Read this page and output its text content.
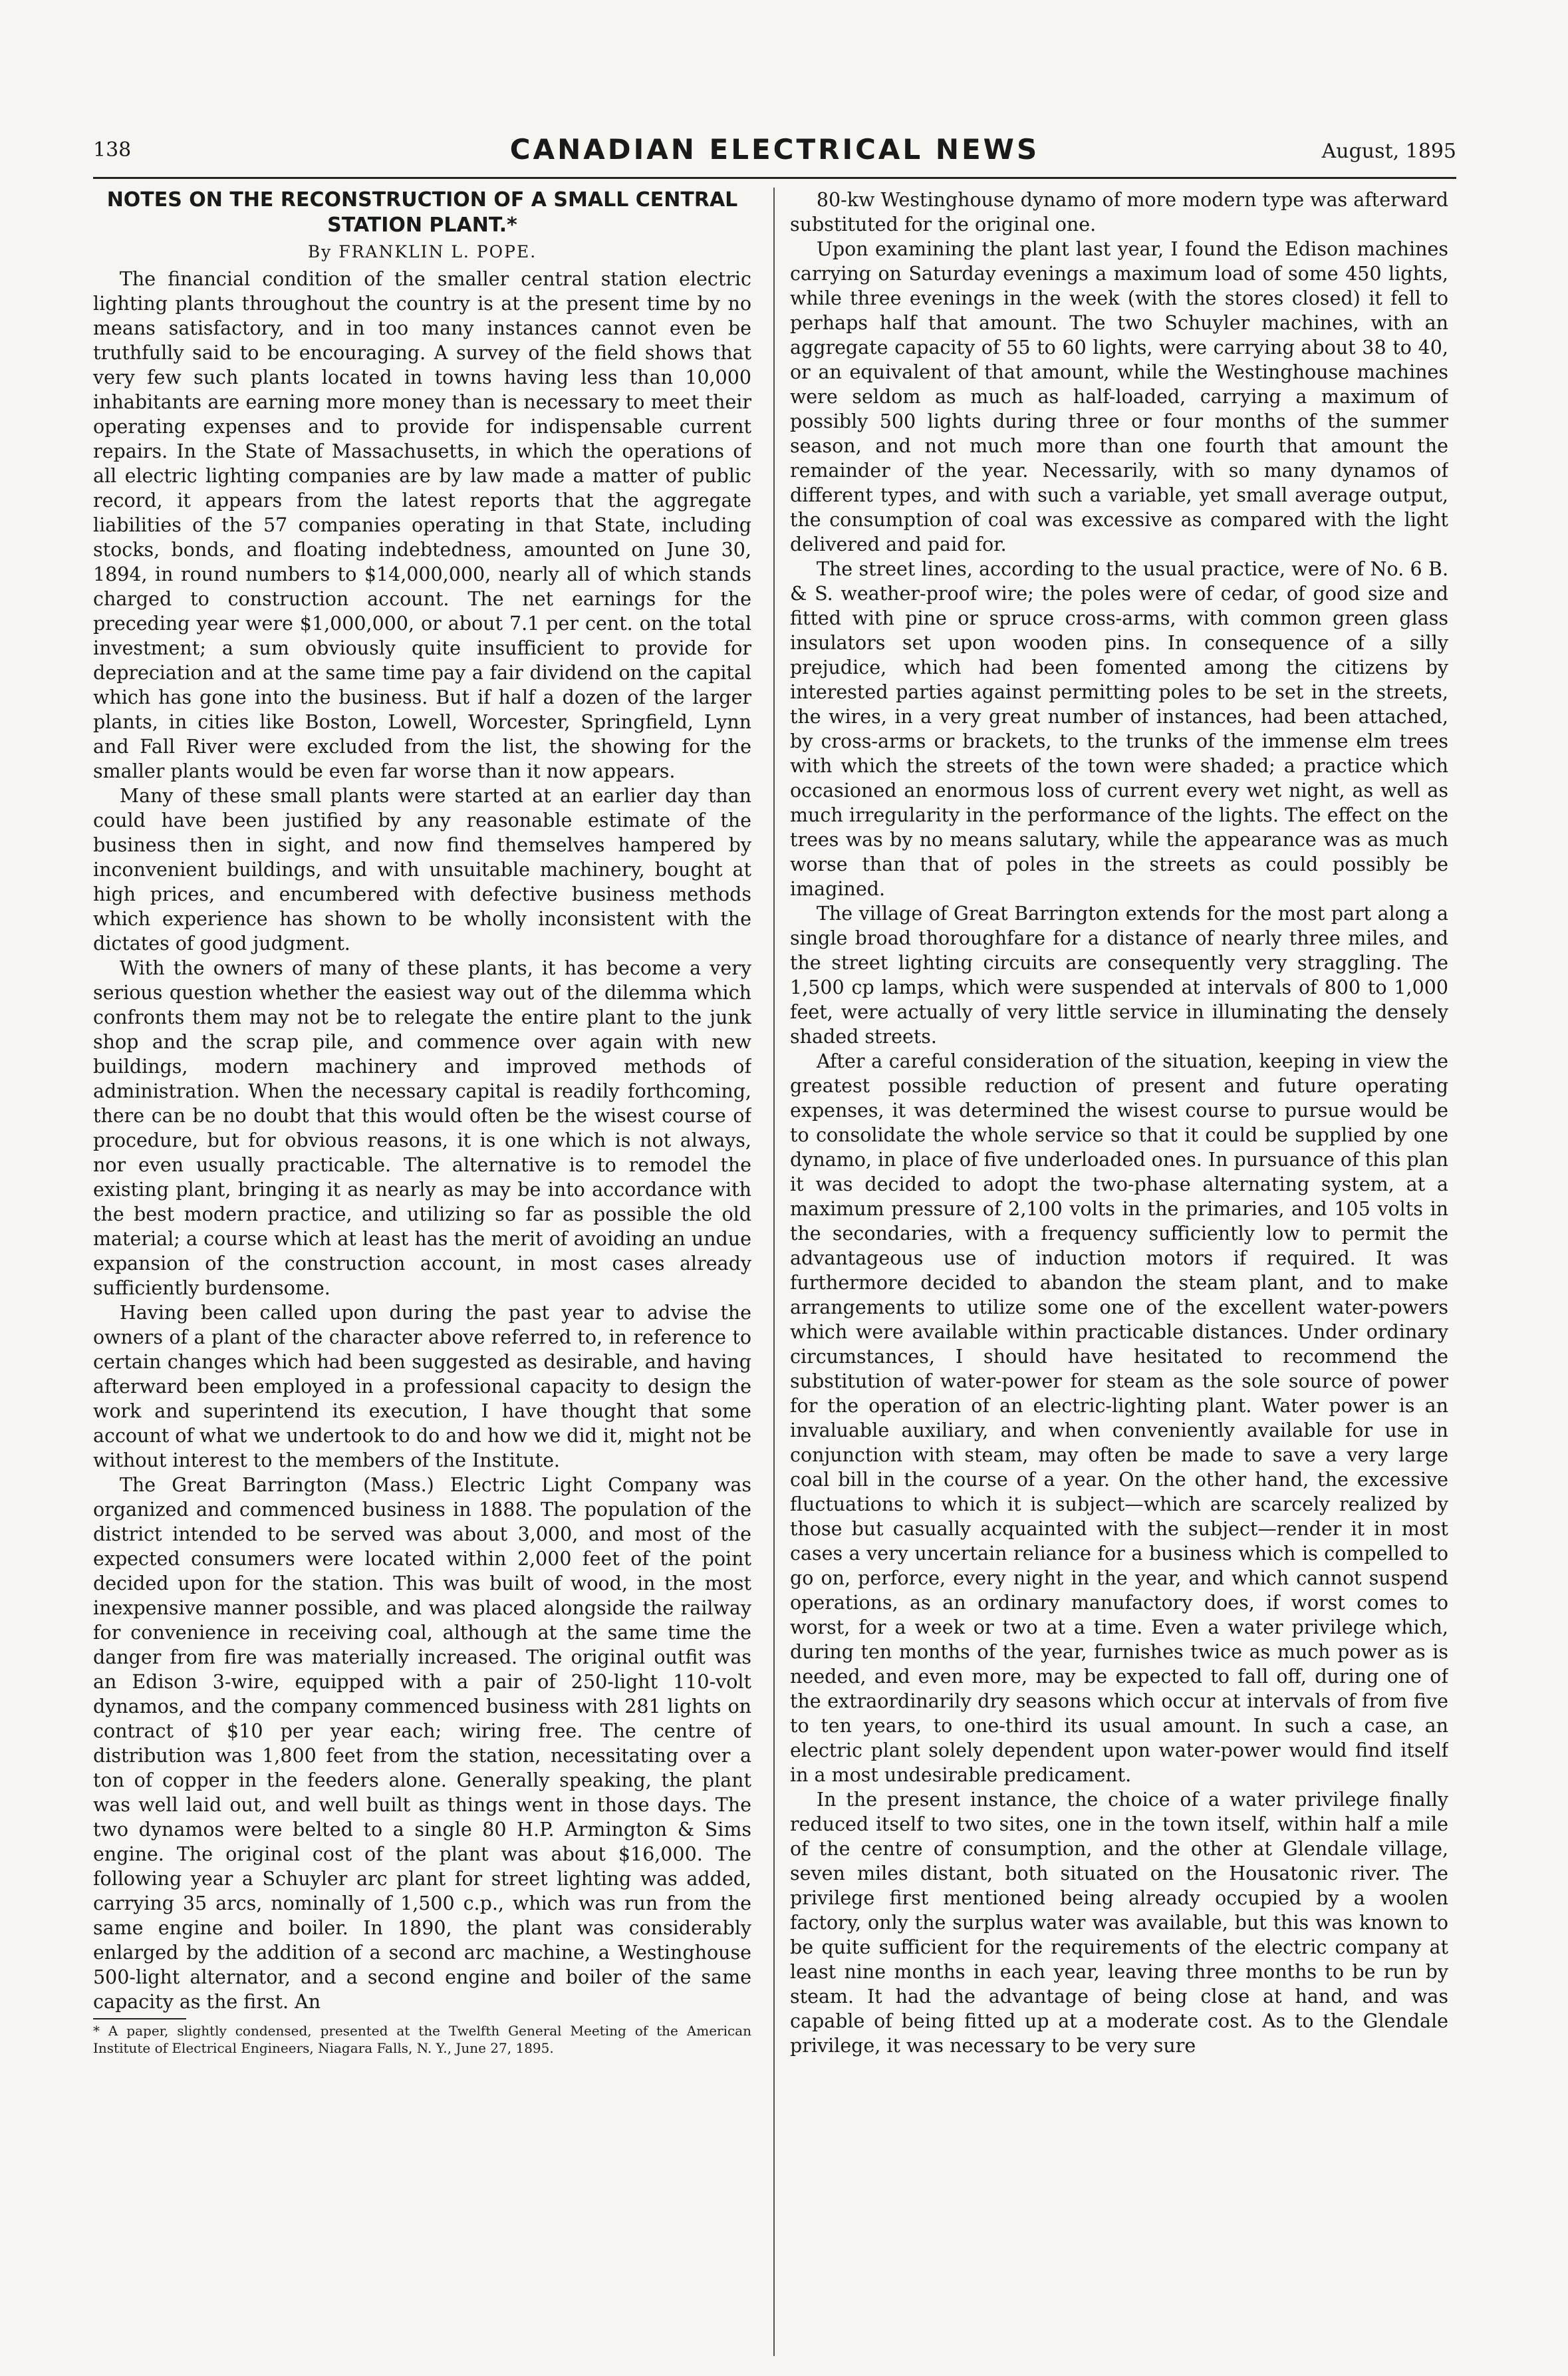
138	CANADIAN ELECTRICAL NEWS	August, 1895
NOTES ON THE RECONSTRUCTION OF A SMALL CENTRAL STATION PLANT.*
By FRANKLIN L. POPE.

The financial condition of the smaller central station electric lighting plants throughout the country is at the present time by no means satisfactory, and in too many instances cannot even be truthfully said to be encouraging. A survey of the field shows that very few such plants located in towns having less than 10,000 inhabitants are earning more money than is necessary to meet their operating expenses and to provide for indispensable current repairs. In the State of Massachusetts, in which the operations of all electric lighting companies are by law made a matter of public record, it appears from the latest reports that the aggregate liabilities of the 57 companies operating in that State, including stocks, bonds, and floating indebtedness, amounted on June 30, 1894, in round numbers to $14,000,000, nearly all of which stands charged to construction account. The net earnings for the preceding year were $1,000,000, or about 7.1 per cent. on the total investment; a sum obviously quite insufficient to provide for depreciation and at the same time pay a fair dividend on the capital which has gone into the business. But if half a dozen of the larger plants, in cities like Boston, Lowell, Worcester, Springfield, Lynn and Fall River were excluded from the list, the showing for the smaller plants would be even far worse than it now appears.

Many of these small plants were started at an earlier day than could have been justified by any reasonable estimate of the business then in sight, and now find themselves hampered by inconvenient buildings, and with unsuitable machinery, bought at high prices, and encumbered with defective business methods which experience has shown to be wholly inconsistent with the dictates of good judgment.

With the owners of many of these plants, it has become a very serious question whether the easiest way out of the dilemma which confronts them may not be to relegate the entire plant to the junk shop and the scrap pile, and commence over again with new buildings, modern machinery and improved methods of administration. When the necessary capital is readily forthcoming, there can be no doubt that this would often be the wisest course of procedure, but for obvious reasons, it is one which is not always, nor even usually practicable. The alternative is to remodel the existing plant, bringing it as nearly as may be into accordance with the best modern practice, and utilizing so far as possible the old material; a course which at least has the merit of avoiding an undue expansion of the construction account, in most cases already sufficiently burdensome.

Having been called upon during the past year to advise the owners of a plant of the character above referred to, in reference to certain changes which had been suggested as desirable, and having afterward been employed in a professional capacity to design the work and superintend its execution, I have thought that some account of what we undertook to do and how we did it, might not be without interest to the members of the Institute.

The Great Barrington (Mass.) Electric Light Company was organized and commenced business in 1888. The population of the district intended to be served was about 3,000, and most of the expected consumers were located within 2,000 feet of the point decided upon for the station. This was built of wood, in the most inexpensive manner possible, and was placed alongside the railway for convenience in receiving coal, although at the same time the danger from fire was materially increased. The original outfit was an Edison 3-wire, equipped with a pair of 250-light 110-volt dynamos, and the company commenced business with 281 lights on contract of $10 per year each; wiring free. The centre of distribution was 1,800 feet from the station, necessitating over a ton of copper in the feeders alone. Generally speaking, the plant was well laid out, and well built as things went in those days. The two dynamos were belted to a single 80 H.P. Armington & Sims engine. The original cost of the plant was about $16,000. The following year a Schuyler arc plant for street lighting was added, carrying 35 arcs, nominally of 1,500 c.p., which was run from the same engine and boiler. In 1890, the plant was considerably enlarged by the addition of a second arc machine, a Westinghouse 500-light alternator, and a second engine and boiler of the same capacity as the first. An

* A paper, slightly condensed, presented at the Twelfth General Meeting of the American Institute of Electrical Engineers, Niagara Falls, N. Y., June 27, 1895.

80-kw Westinghouse dynamo of more modern type was afterward substituted for the original one.

Upon examining the plant last year, I found the Edison machines carrying on Saturday evenings a maximum load of some 450 lights, while three evenings in the week (with the stores closed) it fell to perhaps half that amount. The two Schuyler machines, with an aggregate capacity of 55 to 60 lights, were carrying about 38 to 40, or an equivalent of that amount, while the Westinghouse machines were seldom as much as half-loaded, carrying a maximum of possibly 500 lights during three or four months of the summer season, and not much more than one fourth that amount the remainder of the year. Necessarily, with so many dynamos of different types, and with such a variable, yet small average output, the consumption of coal was excessive as compared with the light delivered and paid for.

The street lines, according to the usual practice, were of No. 6 B. & S. weather-proof wire; the poles were of cedar, of good size and fitted with pine or spruce cross-arms, with common green glass insulators set upon wooden pins. In consequence of a silly prejudice, which had been fomented among the citizens by interested parties against permitting poles to be set in the streets, the wires, in a very great number of instances, had been attached, by cross-arms or brackets, to the trunks of the immense elm trees with which the streets of the town were shaded; a practice which occasioned an enormous loss of current every wet night, as well as much irregularity in the performance of the lights. The effect on the trees was by no means salutary, while the appearance was as much worse than that of poles in the streets as could possibly be imagined.

The village of Great Barrington extends for the most part along a single broad thoroughfare for a distance of nearly three miles, and the street lighting circuits are consequently very straggling. The 1,500 cp lamps, which were suspended at intervals of 800 to 1,000 feet, were actually of very little service in illuminating the densely shaded streets.

After a careful consideration of the situation, keeping in view the greatest possible reduction of present and future operating expenses, it was determined the wisest course to pursue would be to consolidate the whole service so that it could be supplied by one dynamo, in place of five underloaded ones. In pursuance of this plan it was decided to adopt the two-phase alternating system, at a maximum pressure of 2,100 volts in the primaries, and 105 volts in the secondaries, with a frequency sufficiently low to permit the advantageous use of induction motors if required. It was furthermore decided to abandon the steam plant, and to make arrangements to utilize some one of the excellent water-powers which were available within practicable distances. Under ordinary circumstances, I should have hesitated to recommend the substitution of water-power for steam as the sole source of power for the operation of an electric-lighting plant. Water power is an invaluable auxiliary, and when conveniently available for use in conjunction with steam, may often be made to save a very large coal bill in the course of a year. On the other hand, the excessive fluctuations to which it is subject—which are scarcely realized by those but casually acquainted with the subject—render it in most cases a very uncertain reliance for a business which is compelled to go on, perforce, every night in the year, and which cannot suspend operations, as an ordinary manufactory does, if worst comes to worst, for a week or two at a time. Even a water privilege which, during ten months of the year, furnishes twice as much power as is needed, and even more, may be expected to fall off, during one of the extraordinarily dry seasons which occur at intervals of from five to ten years, to one-third its usual amount. In such a case, an electric plant solely dependent upon water-power would find itself in a most undesirable predicament.

In the present instance, the choice of a water privilege finally reduced itself to two sites, one in the town itself, within half a mile of the centre of consumption, and the other at Glendale village, seven miles distant, both situated on the Housatonic river. The privilege first mentioned being already occupied by a woolen factory, only the surplus water was available, but this was known to be quite sufficient for the requirements of the electric company at least nine months in each year, leaving three months to be run by steam. It had the advantage of being close at hand, and was capable of being fitted up at a moderate cost. As to the Glendale privilege, it was necessary to be very sure
